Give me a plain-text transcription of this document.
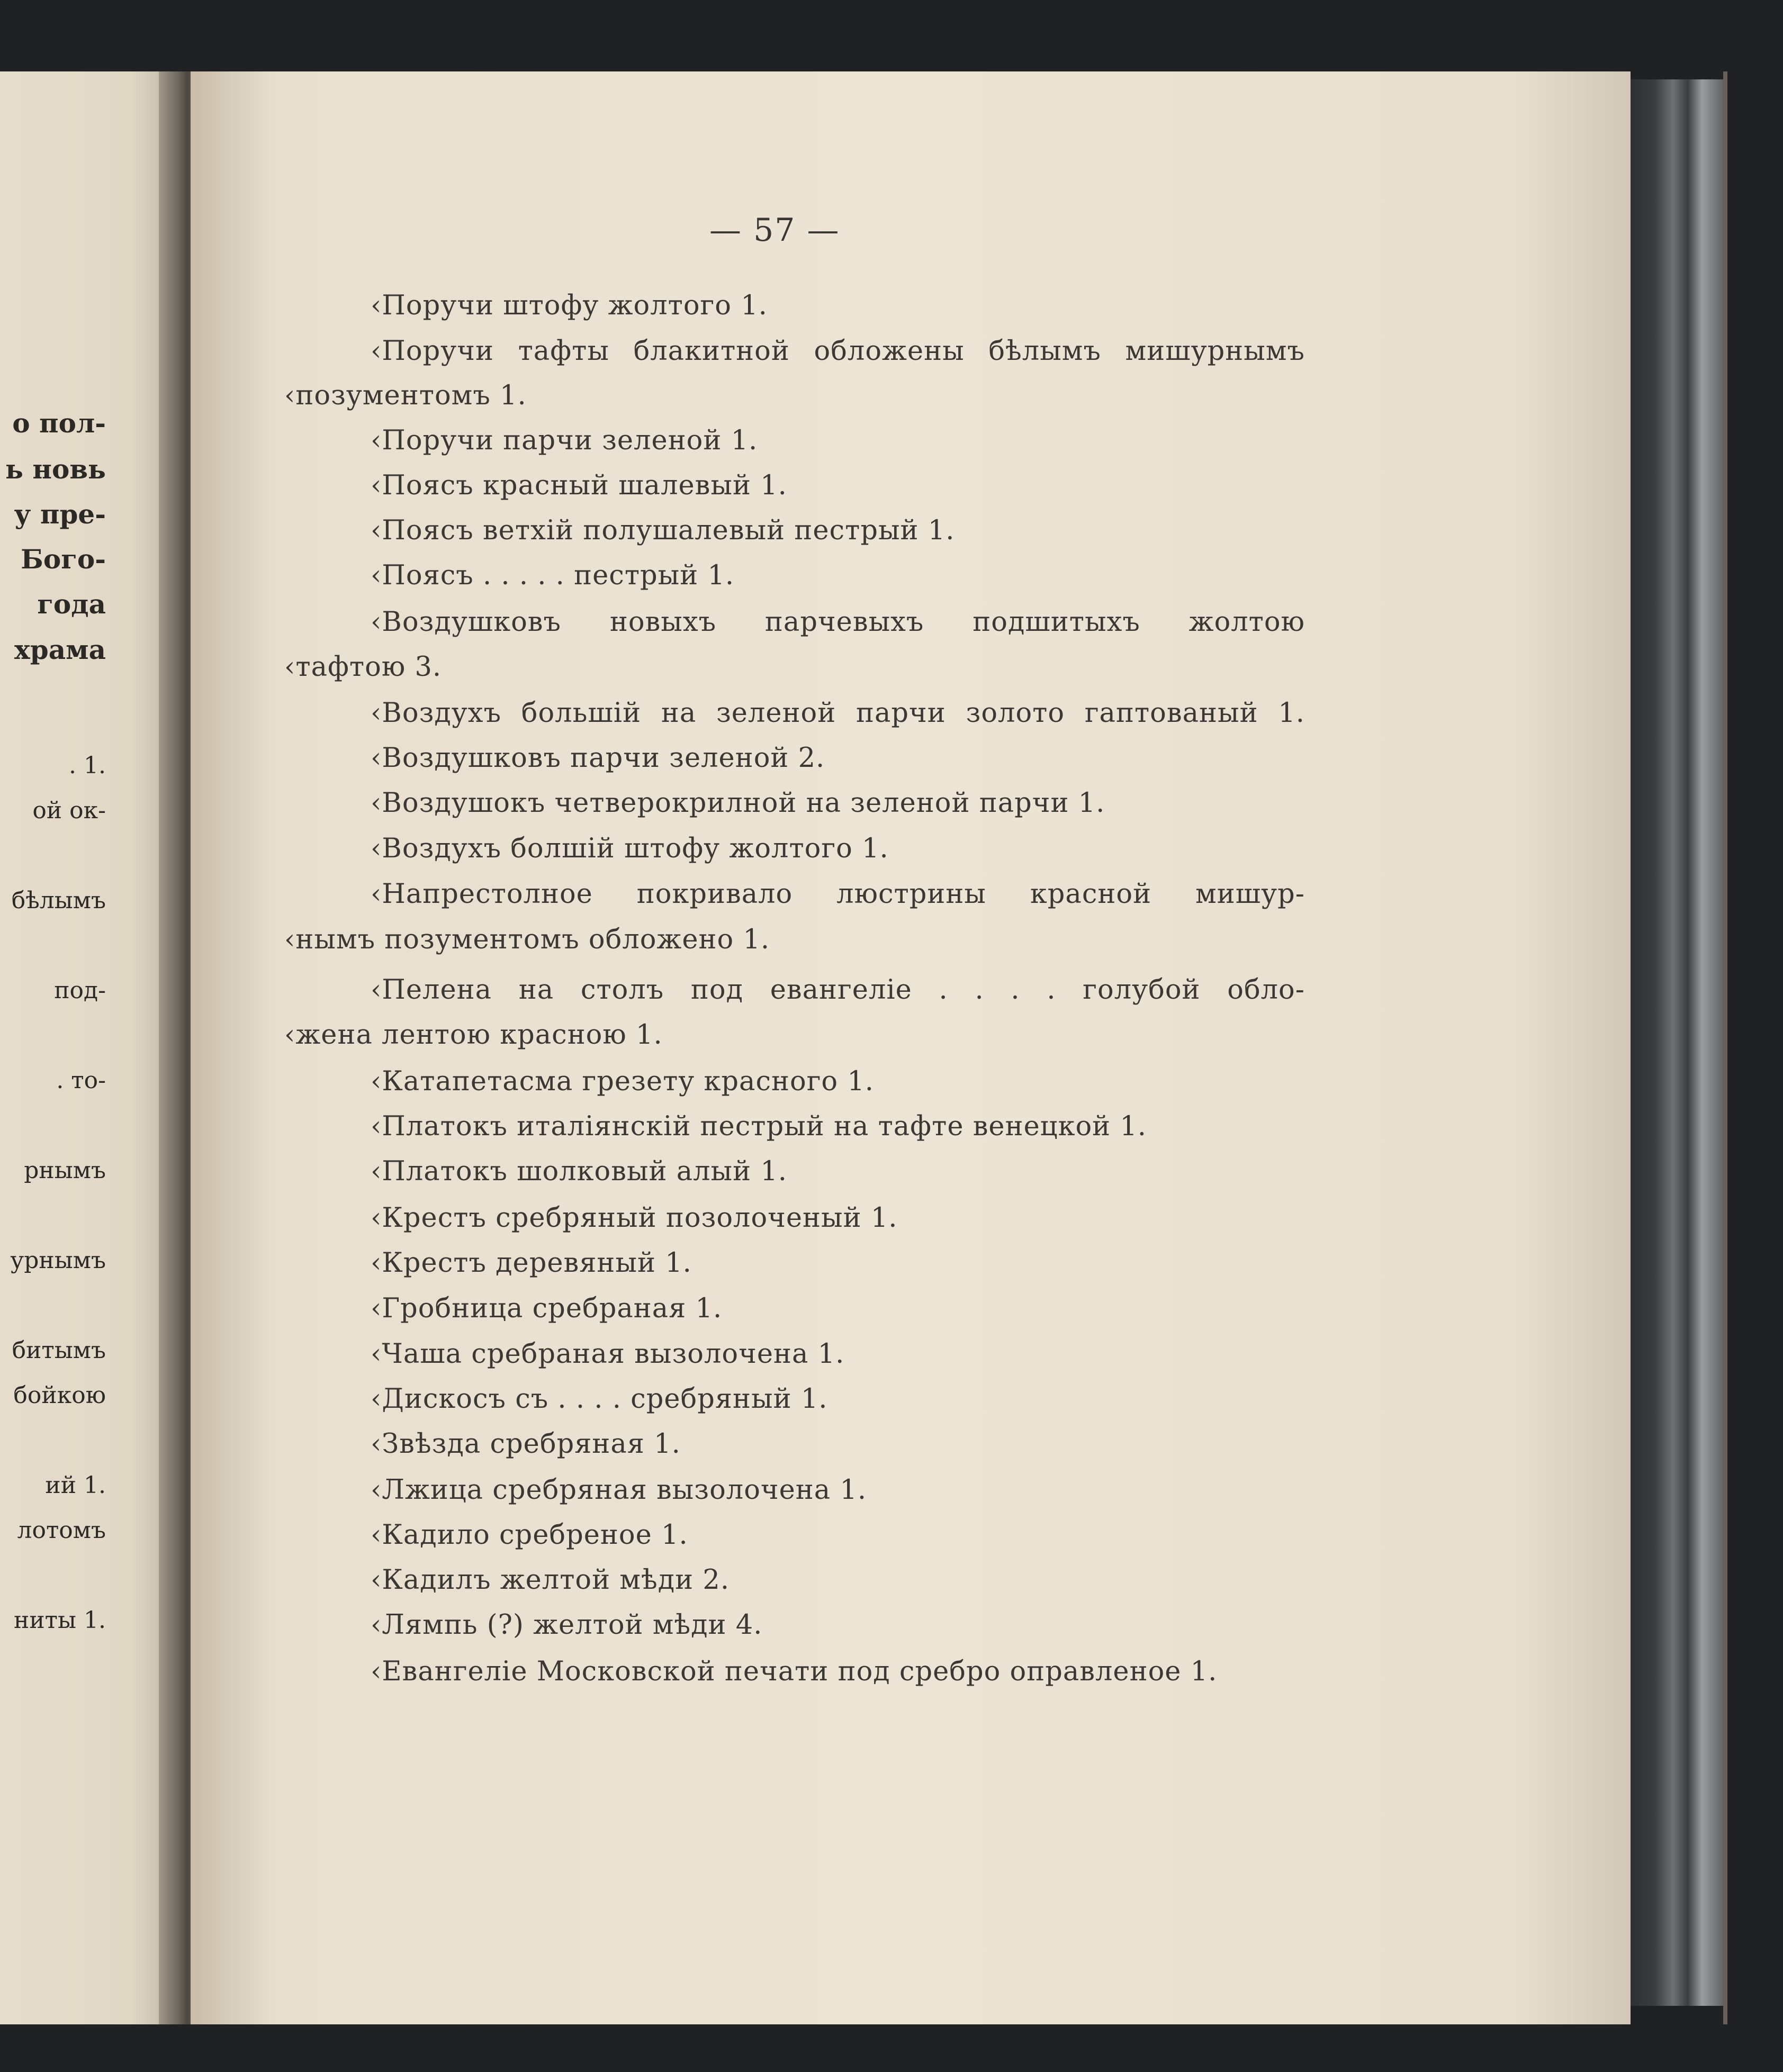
о пол-
ь новь
у пре-
Бого-
года
храма
. 1.
ой ок-
бѣлымъ
под-
. то-
рнымъ
урнымъ
битымъ
бойкою
ий 1.
лотомъ
ниты 1.
— 57 —
‹Поручи штофу жолтого 1.
‹Поручи тафты блакитной обложены бѣлымъ мишурнымъ
‹позументомъ 1.
‹Поручи парчи зеленой 1.
‹Поясъ красный шалевый 1.
‹Поясъ ветхій полушалевый пестрый 1.
‹Поясъ . . . . . пестрый 1.
‹Воздушковъ новыхъ парчевыхъ подшитыхъ жолтою
‹тафтою 3.
‹Воздухъ большій на зеленой парчи золото гаптованый 1.
‹Воздушковъ парчи зеленой 2.
‹Воздушокъ четверокрилной на зеленой парчи 1.
‹Воздухъ болшій штофу жолтого 1.
‹Напрестолное покривало люстрины красной мишур-
‹нымъ позументомъ обложено 1.
‹Пелена на столъ под евангеліе . . . . голубой обло-
‹жена лентою красною 1.
‹Катапетасма грезету красного 1.
‹Платокъ италіянскій пестрый на тафте венецкой 1.
‹Платокъ шолковый алый 1.
‹Крестъ сребряный позолоченый 1.
‹Крестъ деревяный 1.
‹Гробница сребраная 1.
‹Чаша сребраная вызолочена 1.
‹Дискосъ съ . . . . сребряный 1.
‹Звѣзда сребряная 1.
‹Лжица сребряная вызолочена 1.
‹Кадило сребреное 1.
‹Кадилъ желтой мѣди 2.
‹Лямпь (?) желтой мѣди 4.
‹Евангеліе Московской печати под сребро оправленое 1.
